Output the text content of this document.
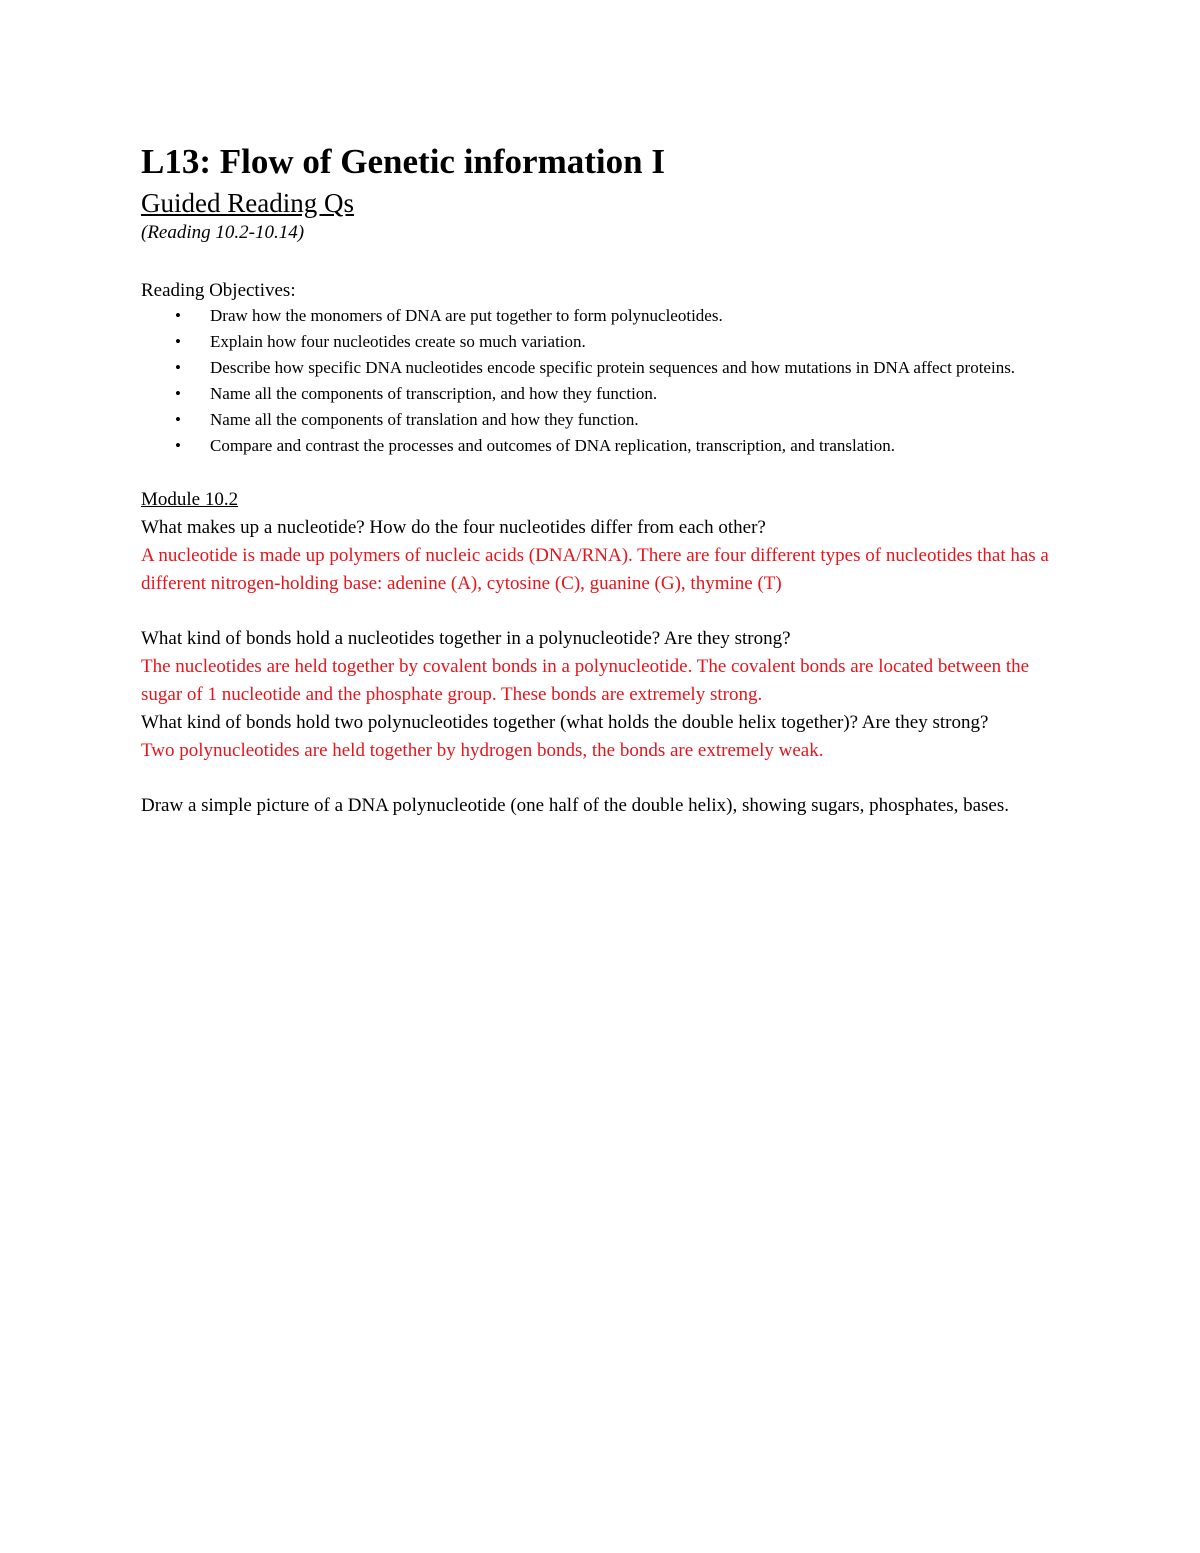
L13: Flow of Genetic information I

Guided Reading Qs

(Reading 10.2-10.14)

Reading Objectives:

• Draw how the monomers of DNA are put together to form polynucleotides.
• Explain how four nucleotides create so much variation.
• Describe how specific DNA nucleotides encode specific protein sequences and how mutations in DNA affect proteins.
• Name all the components of transcription, and how they function.
• Name all the components of translation and how they function.
• Compare and contrast the processes and outcomes of DNA replication, transcription, and translation.

Module 10.2

What makes up a nucleotide? How do the four nucleotides differ from each other?

A nucleotide is made up polymers of nucleic acids (DNA/RNA). There are four different types of nucleotides that has a different nitrogen-holding base: adenine (A), cytosine (C), guanine (G), thymine (T)

What kind of bonds hold a nucleotides together in a polynucleotide? Are they strong?

The nucleotides are held together by covalent bonds in a polynucleotide. The covalent bonds are located between the sugar of 1 nucleotide and the phosphate group. These bonds are extremely strong.

What kind of bonds hold two polynucleotides together (what holds the double helix together)? Are they strong?

Two polynucleotides are held together by hydrogen bonds, the bonds are extremely weak.

Draw a simple picture of a DNA polynucleotide (one half of the double helix), showing sugars, phosphates, bases.
